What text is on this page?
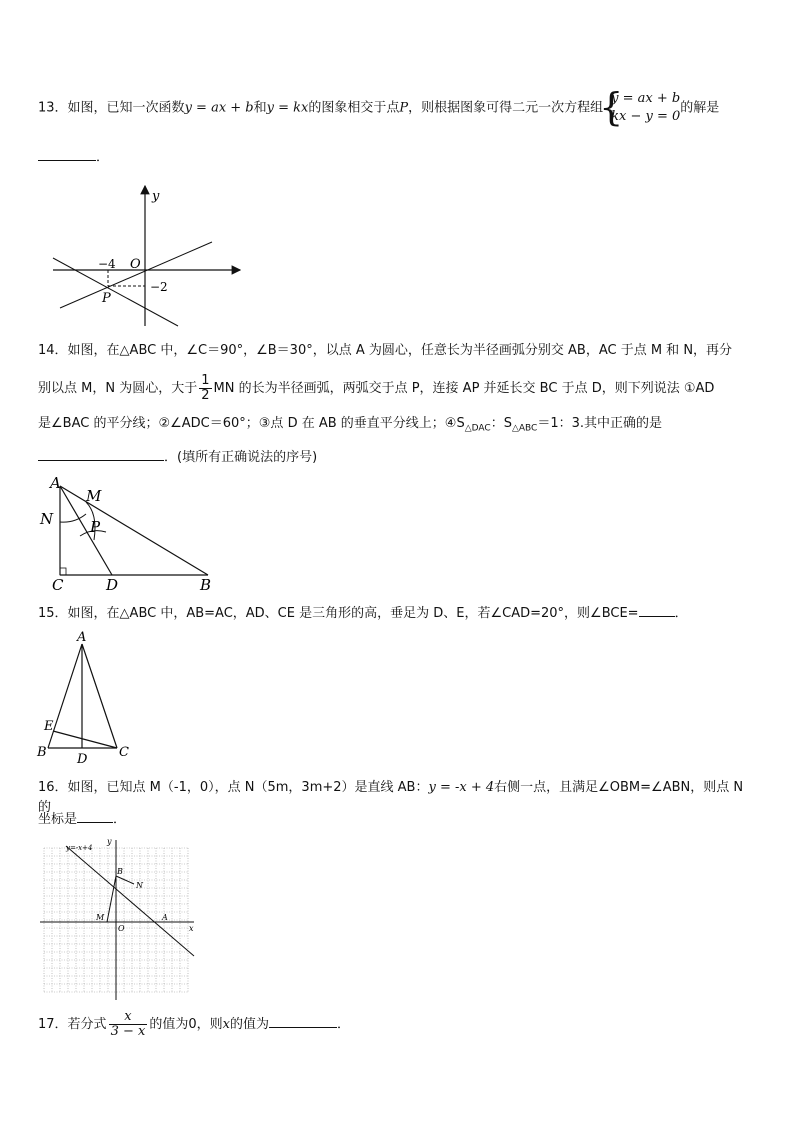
13．如图，已知一次函数y = ax + b和y = kx的图象相交于点P，则根据图象可得二元一次方程组
{ y = ax + b
kx − y = 0
的解是
．
y
O
P
−4
−2
14．如图，在△ABC 中，∠C＝90°，∠B＝30°，以点 A 为圆心，任意长为半径画弧分别交 AB，AC 于点 M 和 N，再分
别以点 M，N 为圆心，大于 $\frac{1}{2}$ MN 的长为半径画弧，两弧交于点 P，连接 AP 并延长交 BC 于点 D，则下列说法 ①AD
是∠BAC 的平分线；②∠ADC＝60°；③点 D 在 AB 的垂直平分线上；$④S_{\triangle DAC}$：$S_{\triangle ABC}=1$：3.其中正确的是
．(填所有正确说法的序号)
A
M
N P
C	D	B
15．如图，在△ABC 中，AB=AC，AD、CE 是三角形的高，垂足为 D、E，若∠CAD=20°，则∠BCE=	．
A
E
B D C
16．如图，已知点 M（-1，0），点 N（5m，3m+2）是直线 AB：y = -x + 4右侧一点，且满足∠OBM=∠ABN，则点 N 的
坐标是	．
y=-x+4
y
x
B
N
M
O
A
17．若分式 $\frac{x}{3 - x}$ 的值为0，则x的值为	．
